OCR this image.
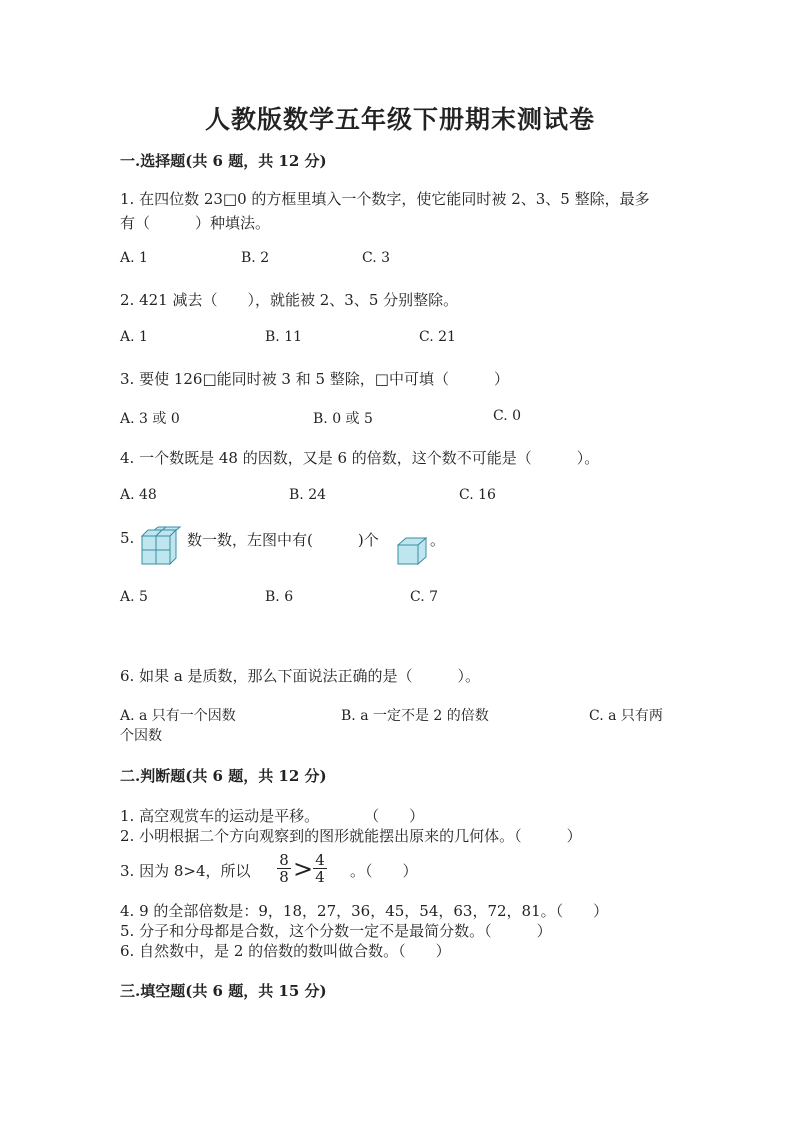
人教版数学五年级下册期末测试卷
一.选择题(共 6 题，共 12 分)
1. 在四位数 23□0 的方框里填入一个数字，使它能同时被 2、3、5 整除，最多
有（　　　）种填法。
A. 1	B. 2	C. 3
2. 421 减去（　　），就能被 2、3、5 分别整除。
A. 1	B. 11	C. 21
3. 要使 126□能同时被 3 和 5 整除，□中可填（　　　）
A. 3 或 0	B. 0 或 5	C. 0
4. 一个数既是 48 的因数，又是 6 的倍数，这个数不可能是（　　　）。
A. 48	B. 24	C. 16
5.	数一数，左图中有(　　　)个	。
A. 5	B. 6	C. 7
6. 如果 a 是质数，那么下面说法正确的是（　　　）。
A. a 只有一个因数	B. a 一定不是 2 的倍数	C. a 只有两
个因数
二.判断题(共 6 题，共 12 分)
1. 高空观赏车的运动是平移。　　　　（　　）
2. 小明根据二个方向观察到的图形就能摆出原来的几何体。（　　　）
3. 因为 8>4，所以
8
8 > 4
4 。（　　）
4. 9 的全部倍数是：9，18，27，36，45，54，63，72，81。（　　）
5. 分子和分母都是合数，这个分数一定不是最简分数。（　　　）
6. 自然数中，是 2 的倍数的数叫做合数。（　　）
三.填空题(共 6 题，共 15 分)
